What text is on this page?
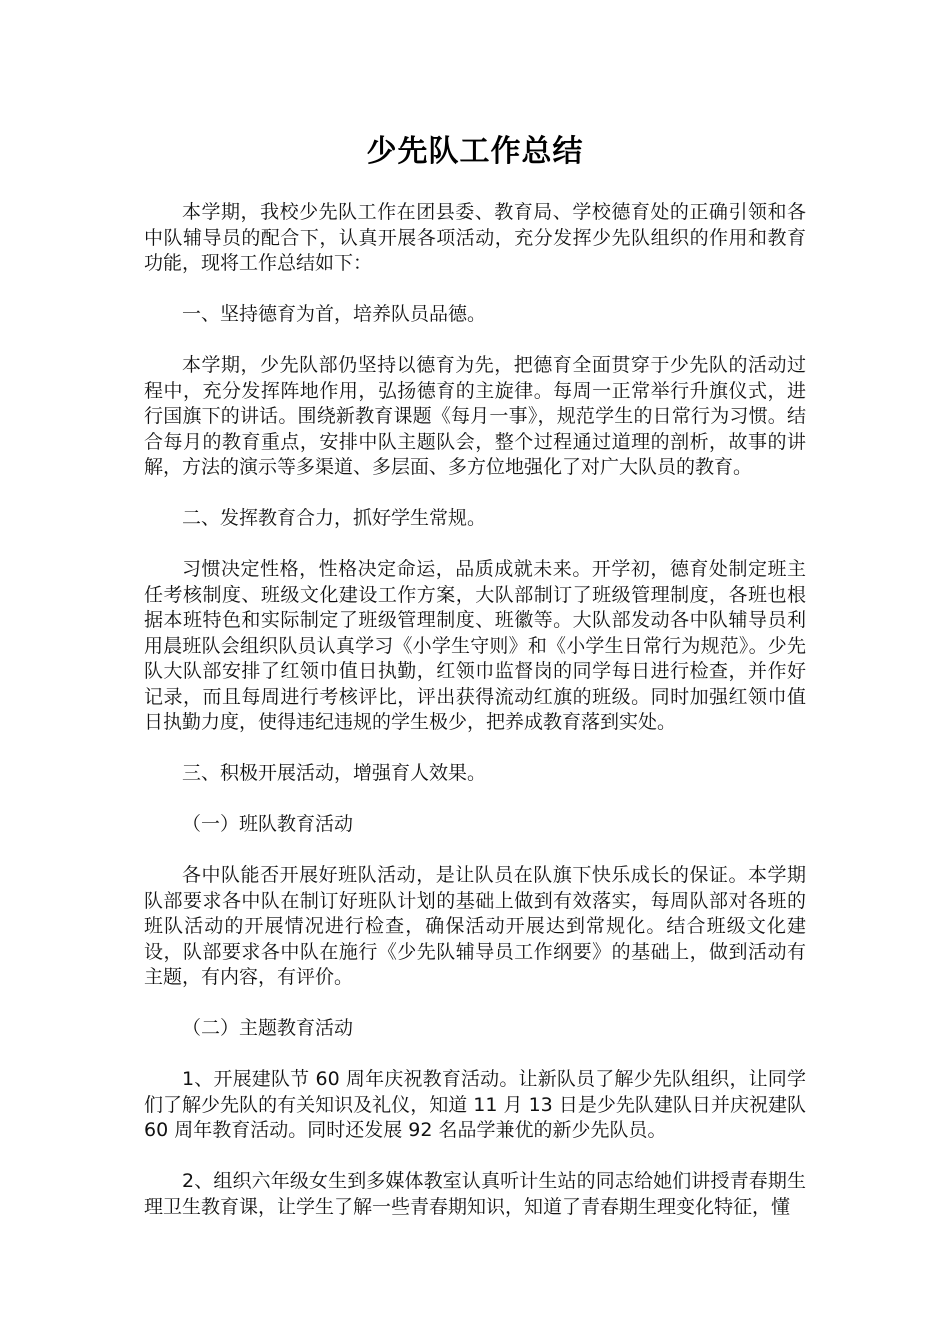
少先队工作总结

本学期，我校少先队工作在团县委、教育局、学校德育处的正确引领和各中队辅导员的配合下，认真开展各项活动，充分发挥少先队组织的作用和教育功能，现将工作总结如下：

一、坚持德育为首，培养队员品德。

本学期，少先队部仍坚持以德育为先，把德育全面贯穿于少先队的活动过程中，充分发挥阵地作用，弘扬德育的主旋律。每周一正常举行升旗仪式，进行国旗下的讲话。围绕新教育课题《每月一事》，规范学生的日常行为习惯。结合每月的教育重点，安排中队主题队会，整个过程通过道理的剖析，故事的讲解，方法的演示等多渠道、多层面、多方位地强化了对广大队员的教育。

二、发挥教育合力，抓好学生常规。

习惯决定性格，性格决定命运，品质成就未来。开学初，德育处制定班主任考核制度、班级文化建设工作方案，大队部制订了班级管理制度，各班也根据本班特色和实际制定了班级管理制度、班徽等。大队部发动各中队辅导员利用晨班队会组织队员认真学习《小学生守则》和《小学生日常行为规范》。少先队大队部安排了红领巾值日执勤，红领巾监督岗的同学每日进行检查，并作好记录，而且每周进行考核评比，评出获得流动红旗的班级。同时加强红领巾值日执勤力度，使得违纪违规的学生极少，把养成教育落到实处。

三、积极开展活动，增强育人效果。

（一）班队教育活动

各中队能否开展好班队活动，是让队员在队旗下快乐成长的保证。本学期队部要求各中队在制订好班队计划的基础上做到有效落实，每周队部对各班的班队活动的开展情况进行检查，确保活动开展达到常规化。结合班级文化建设，队部要求各中队在施行《少先队辅导员工作纲要》的基础上，做到活动有主题，有内容，有评价。

（二）主题教育活动

1、开展建队节 60 周年庆祝教育活动。让新队员了解少先队组织，让同学们了解少先队的有关知识及礼仪，知道 11 月 13 日是少先队建队日并庆祝建队 60 周年教育活动。同时还发展 92 名品学兼优的新少先队员。

2、组织六年级女生到多媒体教室认真听计生站的同志给她们讲授青春期生理卫生教育课，让学生了解一些青春期知识，知道了青春期生理变化特征，懂
